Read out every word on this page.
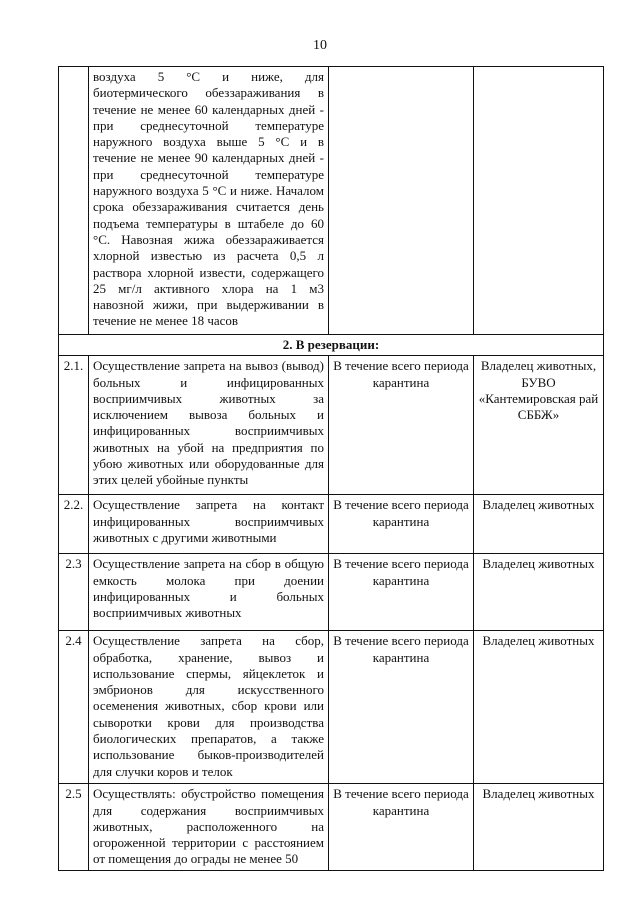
10
	воздуха 5 °С и ниже, для биотермического обеззараживания в течение не менее 60 календарных дней - при среднесуточной температуре наружного воздуха выше 5 °С и в течение не менее 90 календарных дней - при среднесуточной температуре наружного воздуха 5 °С и ниже. Началом срока обеззараживания считается день подъема температуры в штабеле до 60 °С. Навозная жижа обеззараживается хлорной известью из расчета 0,5 л раствора хлорной извести, содержащего 25 мг/л активного хлора на 1 м3 навозной жижи, при выдерживании в течение не менее 18 часов		
2. В резервации:			
2.1.	Осуществление запрета на вывоз (вывод) больных и инфицированных восприимчивых животных за исключением вывоза больных и инфицированных восприимчивых животных на убой на предприятия по убою животных или оборудованные для этих целей убойные пункты	В течение всего периода карантина	Владелец животных, БУВО «Кантемировская рай СББЖ»
2.2.	Осуществление запрета на контакт инфицированных восприимчивых животных с другими животными	В течение всего периода карантина	Владелец животных
2.3	Осуществление запрета на сбор в общую емкость молока при доении инфицированных и больных восприимчивых животных	В течение всего периода карантина	Владелец животных
2.4	Осуществление запрета на сбор, обработка, хранение, вывоз и использование спермы, яйцеклеток и эмбрионов для искусственного осеменения животных, сбор крови или сыворотки крови для производства биологических препаратов, а также использование быков-производителей для случки коров и телок	В течение всего периода карантина	Владелец животных
2.5	Осуществлять: обустройство помещения для содержания восприимчивых животных, расположенного на огороженной территории с расстоянием от помещения до ограды не менее 50	В течение всего периода карантина	Владелец животных
